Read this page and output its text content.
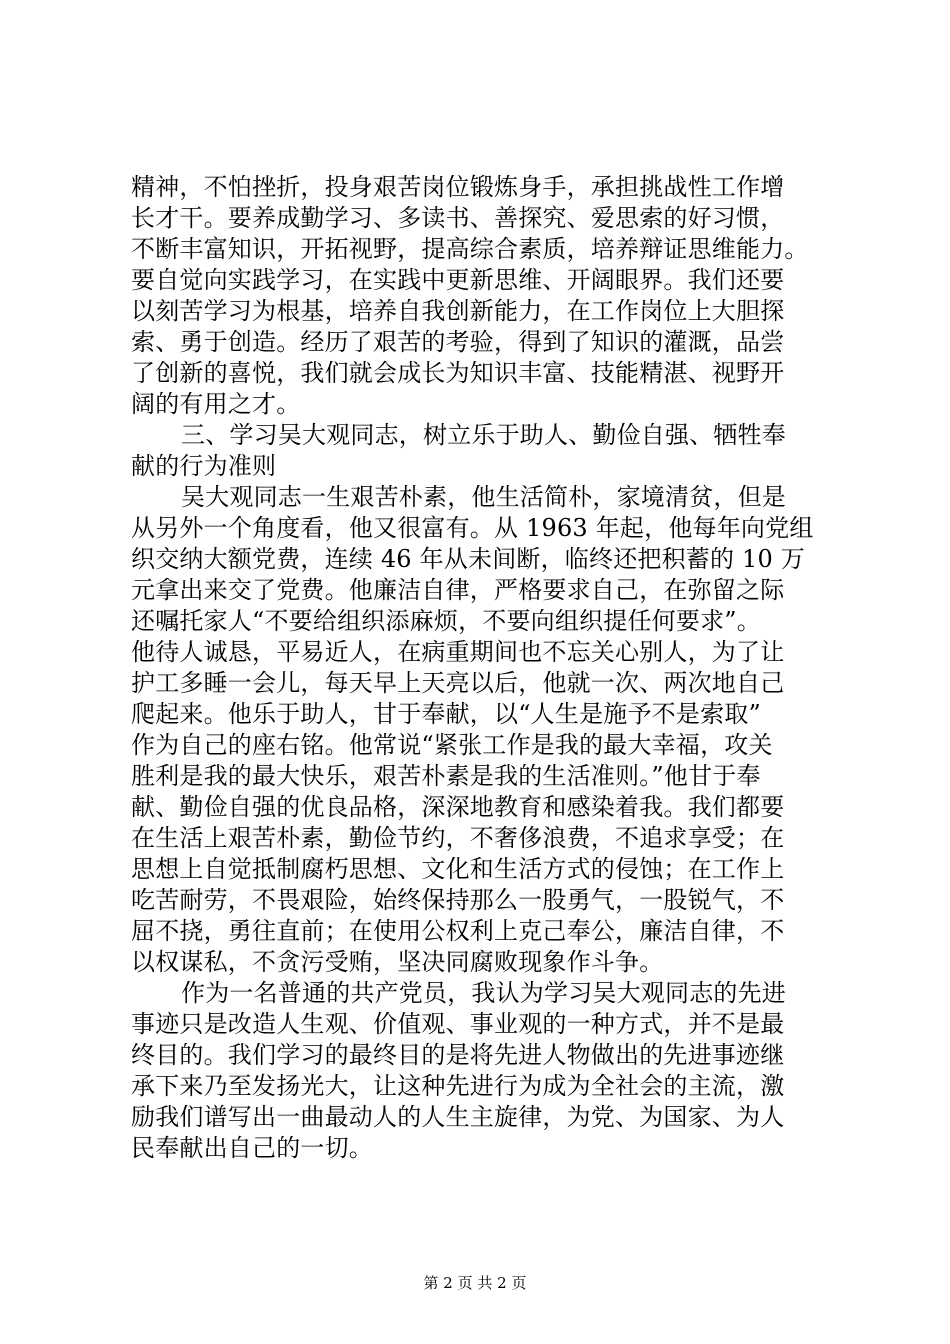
精神，不怕挫折，投身艰苦岗位锻炼身手，承担挑战性工作增
长才干。要养成勤学习、多读书、善探究、爱思索的好习惯，
不断丰富知识，开拓视野，提高综合素质，培养辩证思维能力。
要自觉向实践学习，在实践中更新思维、开阔眼界。我们还要
以刻苦学习为根基，培养自我创新能力，在工作岗位上大胆探
索、勇于创造。经历了艰苦的考验，得到了知识的灌溉，品尝
了创新的喜悦，我们就会成长为知识丰富、技能精湛、视野开
阔的有用之才。
三、学习吴大观同志，树立乐于助人、勤俭自强、牺牲奉
献的行为准则
吴大观同志一生艰苦朴素，他生活简朴，家境清贫，但是
从另外一个角度看，他又很富有。从 1963 年起，他每年向党组
织交纳大额党费，连续 46 年从未间断，临终还把积蓄的 10 万
元拿出来交了党费。他廉洁自律，严格要求自己，在弥留之际
还嘱托家人“不要给组织添麻烦，不要向组织提任何要求”。
他待人诚恳，平易近人，在病重期间也不忘关心别人，为了让
护工多睡一会儿，每天早上天亮以后，他就一次、两次地自己
爬起来。他乐于助人，甘于奉献，以“人生是施予不是索取”
作为自己的座右铭。他常说“紧张工作是我的最大幸福，攻关
胜利是我的最大快乐，艰苦朴素是我的生活准则。”他甘于奉
献、勤俭自强的优良品格，深深地教育和感染着我。我们都要
在生活上艰苦朴素，勤俭节约，不奢侈浪费，不追求享受；在
思想上自觉抵制腐朽思想、文化和生活方式的侵蚀；在工作上
吃苦耐劳，不畏艰险，始终保持那么一股勇气，一股锐气，不
屈不挠，勇往直前；在使用公权利上克己奉公，廉洁自律，不
以权谋私，不贪污受贿，坚决同腐败现象作斗争。
作为一名普通的共产党员，我认为学习吴大观同志的先进
事迹只是改造人生观、价值观、事业观的一种方式，并不是最
终目的。我们学习的最终目的是将先进人物做出的先进事迹继
承下来乃至发扬光大，让这种先进行为成为全社会的主流，激
励我们谱写出一曲最动人的人生主旋律，为党、为国家、为人
民奉献出自己的一切。
第 2 页 共 2 页
